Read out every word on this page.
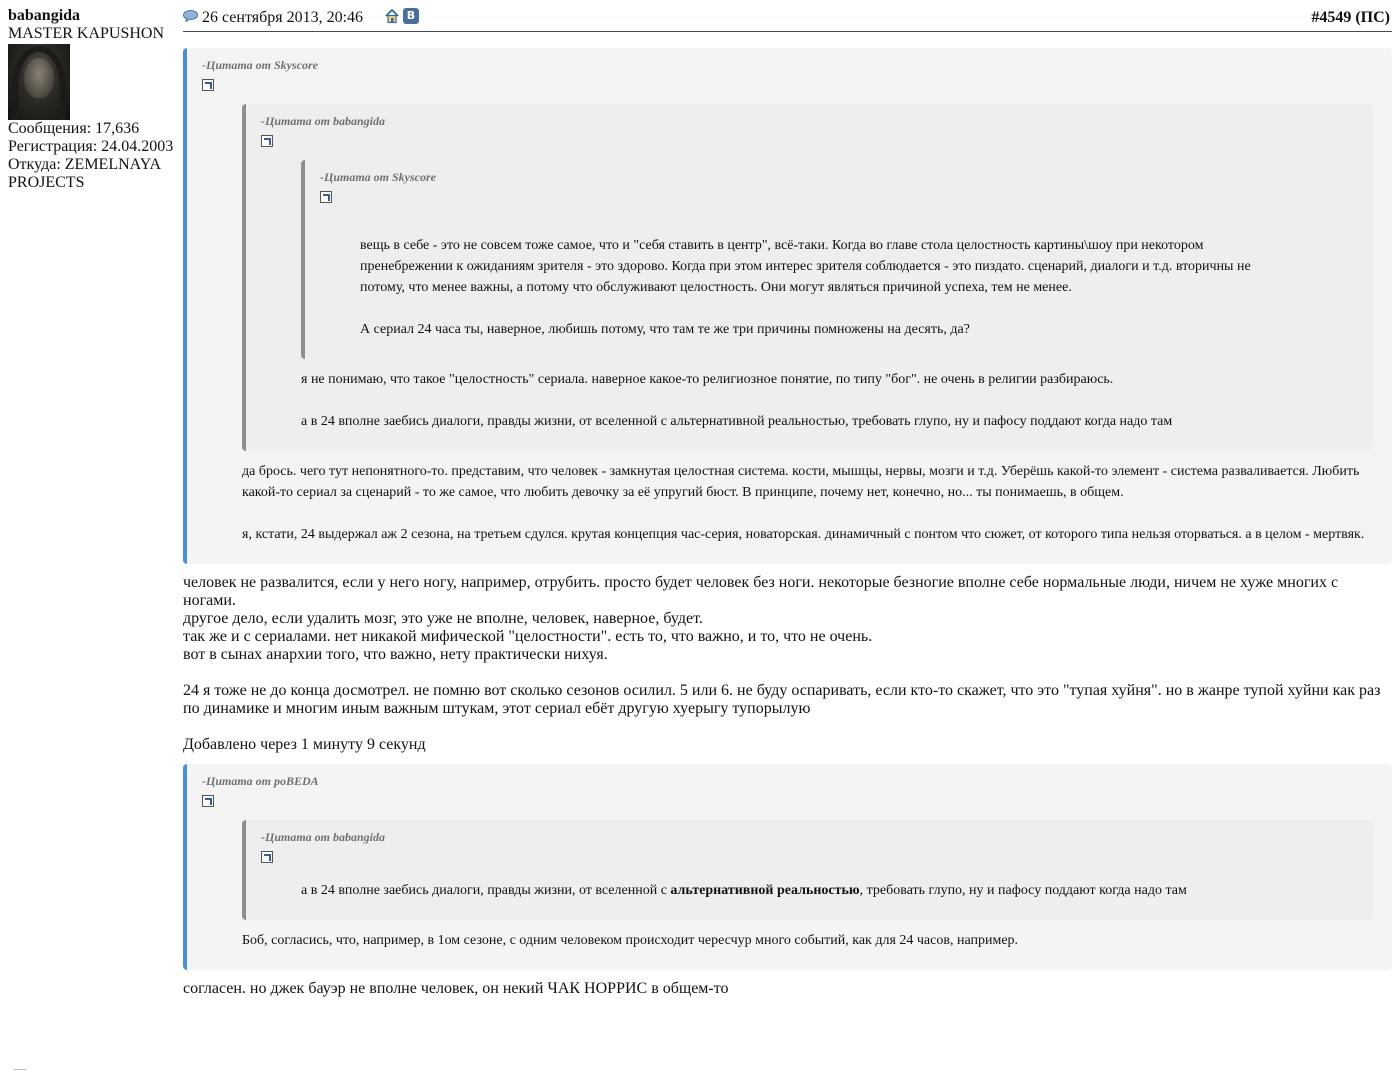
babangida
MASTER KAPUSHON
Сообщения: 17,636
Регистрация: 24.04.2003
Откуда: ZEMELNAYA
PROJECTS
26 сентября 2013, 20:46	В	#4549 (ПС)
-Цитата от Skyscore
-Цитата от babangida
-Цитата от Skyscore

вещь в себе - это не совсем тоже самое, что и "себя ставить в центр", всё-таки. Когда во главе стола целостность картины\шоу при некотором пренебрежении к ожиданиям зрителя - это здорово. Когда при этом интерес зрителя соблюдается - это пиздато. сценарий, диалоги и т.д. вторичны не потому, что менее важны, а потому что обслуживают целостность. Они могут являться причиной успеха, тем не менее.

А сериал 24 часа ты, наверное, любишь потому, что там те же три причины помножены на десять, да?

я не понимаю, что такое "целостность" сериала. наверное какое-то религиозное понятие, по типу "бог". не очень в религии разбираюсь.

а в 24 вполне заебись диалоги, правды жизни, от вселенной с альтернативной реальностью, требовать глупо, ну и пафосу поддают когда надо там

да брось. чего тут непонятного-то. представим, что человек - замкнутая целостная система. кости, мышцы, нервы, мозги и т.д. Уберёшь какой-то элемент - система разваливается. Любить какой-то сериал за сценарий - то же самое, что любить девочку за её упругий бюст. В принципе, почему нет, конечно, но... ты понимаешь, в общем.

я, кстати, 24 выдержал аж 2 сезона, на третьем сдулся. крутая концепция час-серия, новаторская. динамичный с понтом что сюжет, от которого типа нельзя оторваться. а в целом - мертвяк.

человек не развалится, если у него ногу, например, отрубить. просто будет человек без ноги. некоторые безногие вполне себе нормальные люди, ничем не хуже многих с ногами.

другое дело, если удалить мозг, это уже не вполне, человек, наверное, будет.

так же и с сериалами. нет никакой мифической "целостности". есть то, что важно, и то, что не очень.

вот в сынах анархии того, что важно, нету практически нихуя.

24 я тоже не до конца досмотрел. не помню вот сколько сезонов осилил. 5 или 6. не буду оспаривать, если кто-то скажет, что это "тупая хуйня". но в жанре тупой хуйни как раз по динамике и многим иным важным штукам, этот сериал ебёт другую хуерыгу тупорылую

Добавлено через 1 минуту 9 секунд

-Цитата от poBEDA
-Цитата от babangida

а в 24 вполне заебись диалоги, правды жизни, от вселенной с альтернативной реальностью, требовать глупо, ну и пафосу поддают когда надо там

Боб, согласись, что, например, в 1ом сезоне, с одним человеком происходит чересчур много событий, как для 24 часов, например.

согласен. но джек бауэр не вполне человек, он некий ЧАК НОРРИС в общем-то
